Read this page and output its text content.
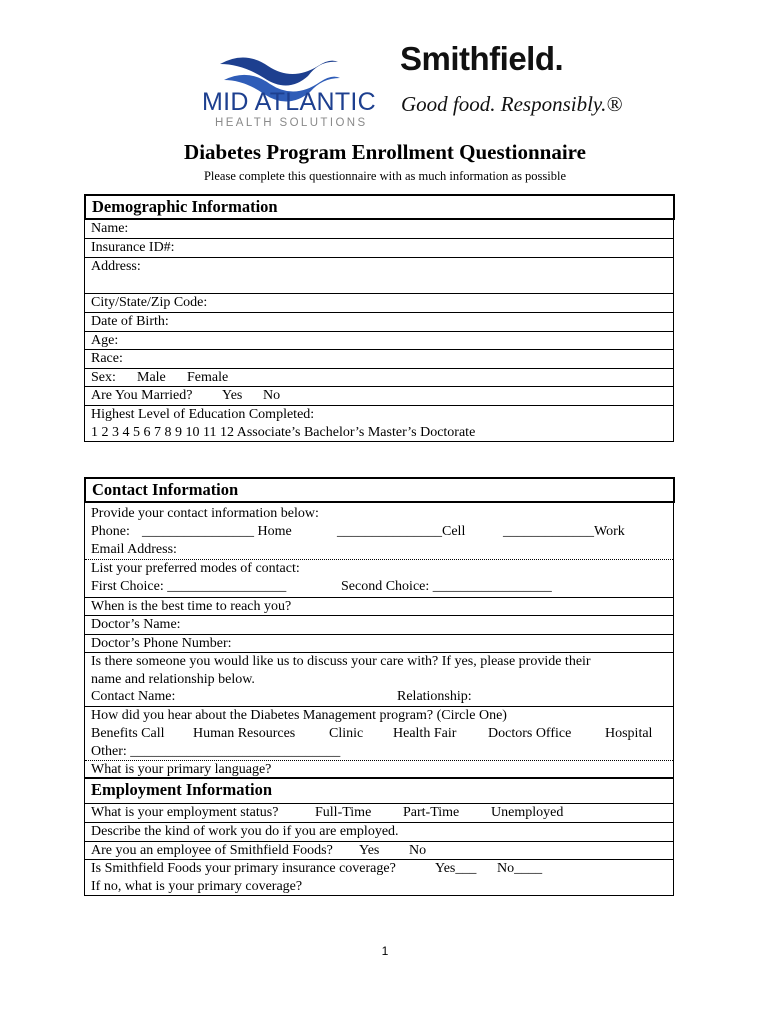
MID ATLANTIC
HEALTH SOLUTIONS
Smithfield.
Good food. Responsibly.®
Diabetes Program Enrollment Questionnaire
Please complete this questionnaire with as much information as possible
Demographic Information
Name:
Insurance ID#:
Address:
City/State/Zip Code:
Date of Birth:
Age:
Race:
Sex: Male Female
Are You Married? Yes No
Highest Level of Education Completed:
1 2 3 4 5 6 7 8 9 10 11 12 Associate’s Bachelor’s Master’s Doctorate
Contact Information
Provide your contact information below:
Phone: ________________ Home	_______________Cell	_____________Work
Email Address:
List your preferred modes of contact:
First Choice: _________________	Second Choice: _________________
When is the best time to reach you?
Doctor’s Name:
Doctor’s Phone Number:
Is there someone you would like us to discuss your care with? If yes, please provide their
name and relationship below.
Contact Name:	Relationship:
How did you hear about the Diabetes Management program? (Circle One)
Benefits Call Human Resources Clinic Health Fair Doctors Office Hospital
Other: ______________________________
What is your primary language?
Employment Information
What is your employment status?	Full-Time Part-Time Unemployed
Describe the kind of work you do if you are employed.
Are you an employee of Smithfield Foods? Yes No
Is Smithfield Foods your primary insurance coverage?	Yes___ No____
If no, what is your primary coverage?
1
